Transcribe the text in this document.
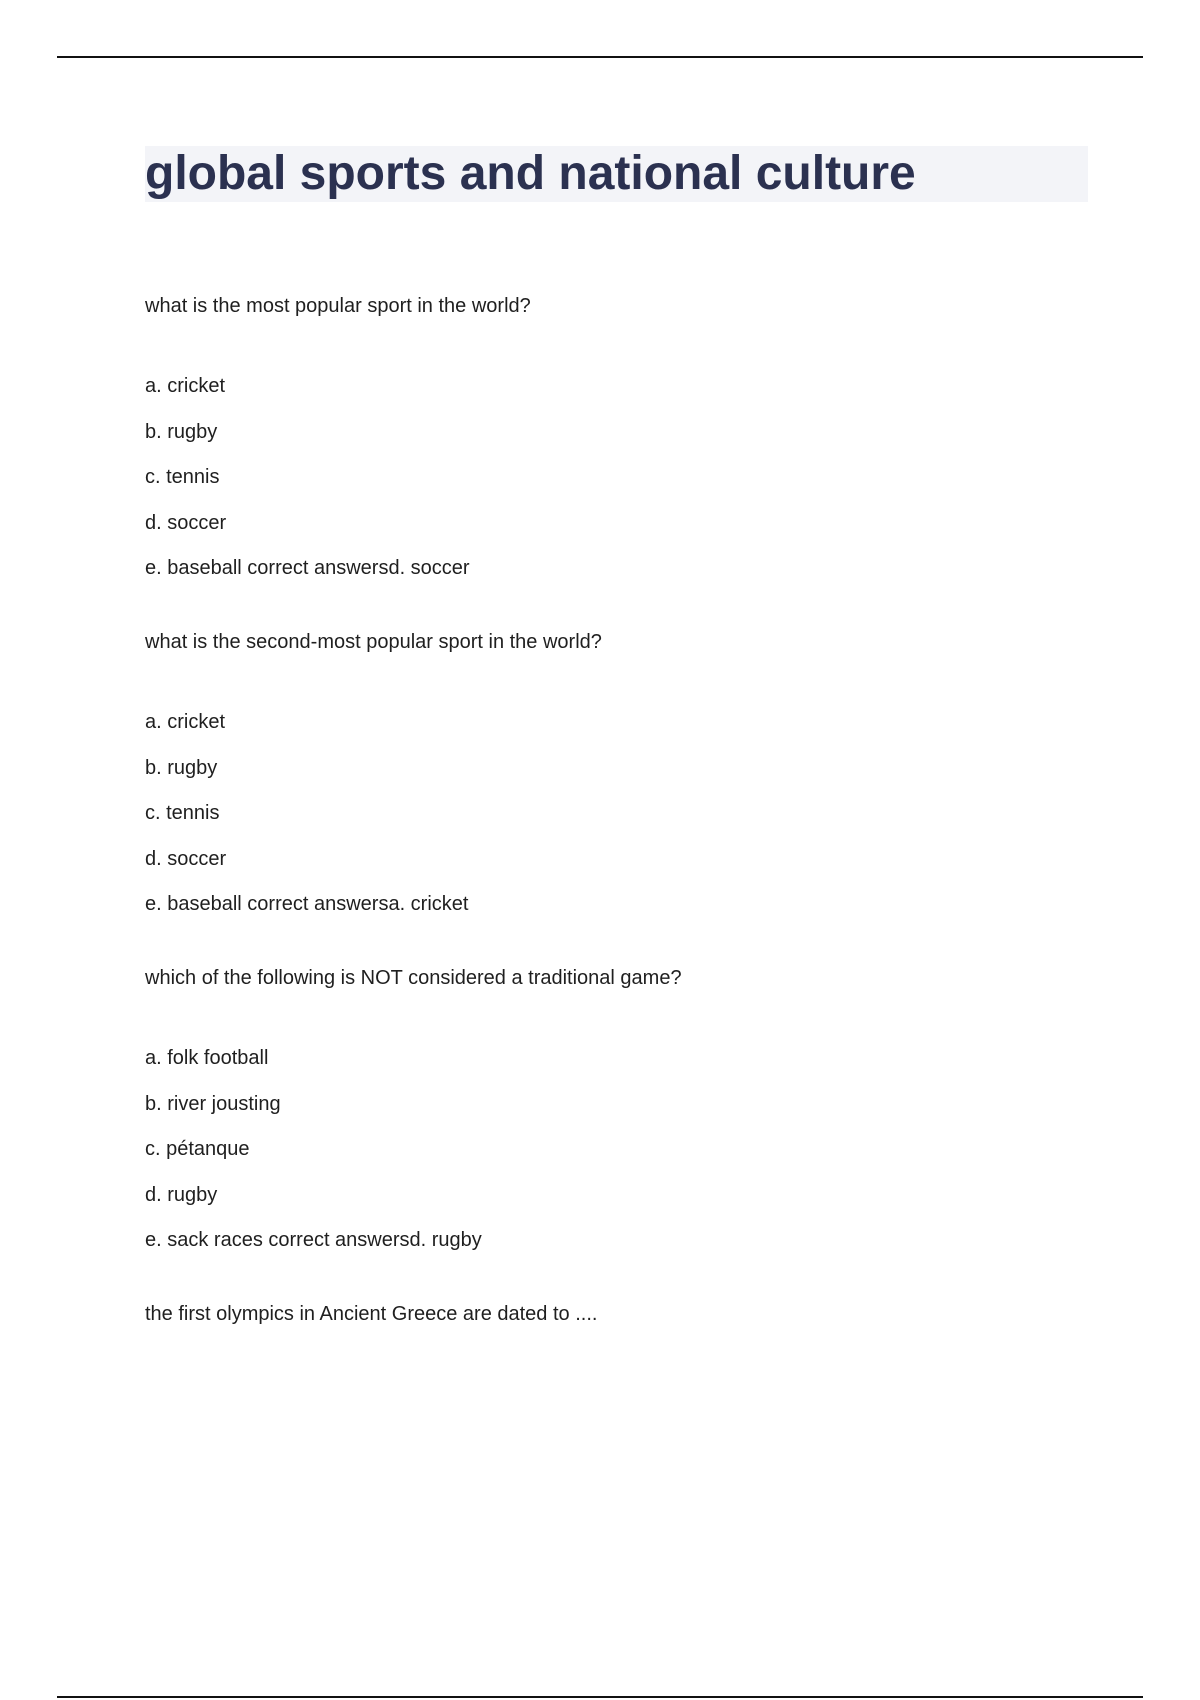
global sports and national culture

what is the most popular sport in the world?

a. cricket
b. rugby
c. tennis
d. soccer
e. baseball correct answersd. soccer

what is the second-most popular sport in the world?

a. cricket
b. rugby
c. tennis
d. soccer
e. baseball correct answersa. cricket

which of the following is NOT considered a traditional game?

a. folk football
b. river jousting
c. pétanque
d. rugby
e. sack races correct answersd. rugby

the first olympics in Ancient Greece are dated to ....
